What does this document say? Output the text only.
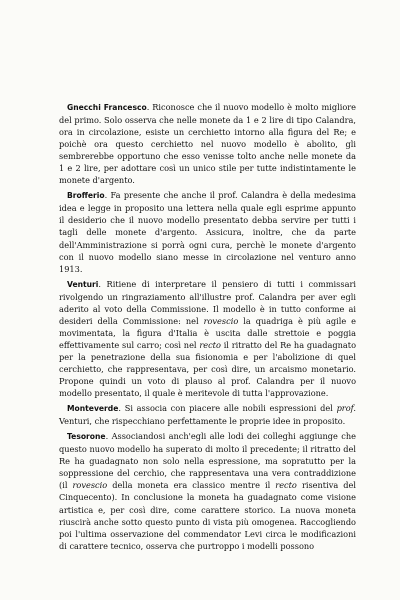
Gnecchi Francesco. Riconosce che il nuovo modello è molto migliore del primo. Solo osserva che nelle monete da 1 e 2 lire di tipo Calandra, ora in circolazione, esiste un cerchietto intorno alla figura del Re; e poichè ora questo cerchietto nel nuovo modello è abolito, gli sembrerebbe opportuno che esso venisse tolto anche nelle monete da 1 e 2 lire, per adottare così un unico stile per tutte indistintamente le monete d'argento.

Brofferio. Fa presente che anche il prof. Calandra è della medesima idea e legge in proposito una lettera nella quale egli esprime appunto il desiderio che il nuovo modello presentato debba servire per tutti i tagli delle monete d'argento. Assicura, inoltre, che da parte dell'Amministrazione si porrà ogni cura, perchè le monete d'argento con il nuovo modello siano messe in circolazione nel venturo anno 1913.

Venturi. Ritiene di interpretare il pensiero di tutti i commissari rivolgendo un ringraziamento all'illustre prof. Calandra per aver egli aderito al voto della Commissione. Il modello è in tutto conforme ai desideri della Commissione: nel rovescio la quadriga è più agile e movimentata, la figura d'Italia è uscita dalle strettoie e poggia effettivamente sul carro; così nel recto il ritratto del Re ha guadagnato per la penetrazione della sua fisionomia e per l'abolizione di quel cerchietto, che rappresentava, per così dire, un arcaismo monetario. Propone quindi un voto di plauso al prof. Calandra per il nuovo modello presentato, il quale è meritevole di tutta l'approvazione.

Monteverde. Si associa con piacere alle nobili espressioni del prof. Venturi, che rispecchiano perfettamente le proprie idee in proposito.

Tesorone. Associandosi anch'egli alle lodi dei colleghi aggiunge che questo nuovo modello ha superato di molto il precedente; il ritratto del Re ha guadagnato non solo nella espressione, ma sopratutto per la soppressione del cerchio, che rappresentava una vera contraddizione (il rovescio della moneta era classico mentre il recto risentiva del Cinquecento). In conclusione la moneta ha guadagnato come visione artistica e, per così dire, come carattere storico. La nuova moneta riuscirà anche sotto questo punto di vista più omogenea. Raccogliendo poi l'ultima osservazione del commendator Levi circa le modificazioni di carattere tecnico, osserva che purtroppo i modelli possono
